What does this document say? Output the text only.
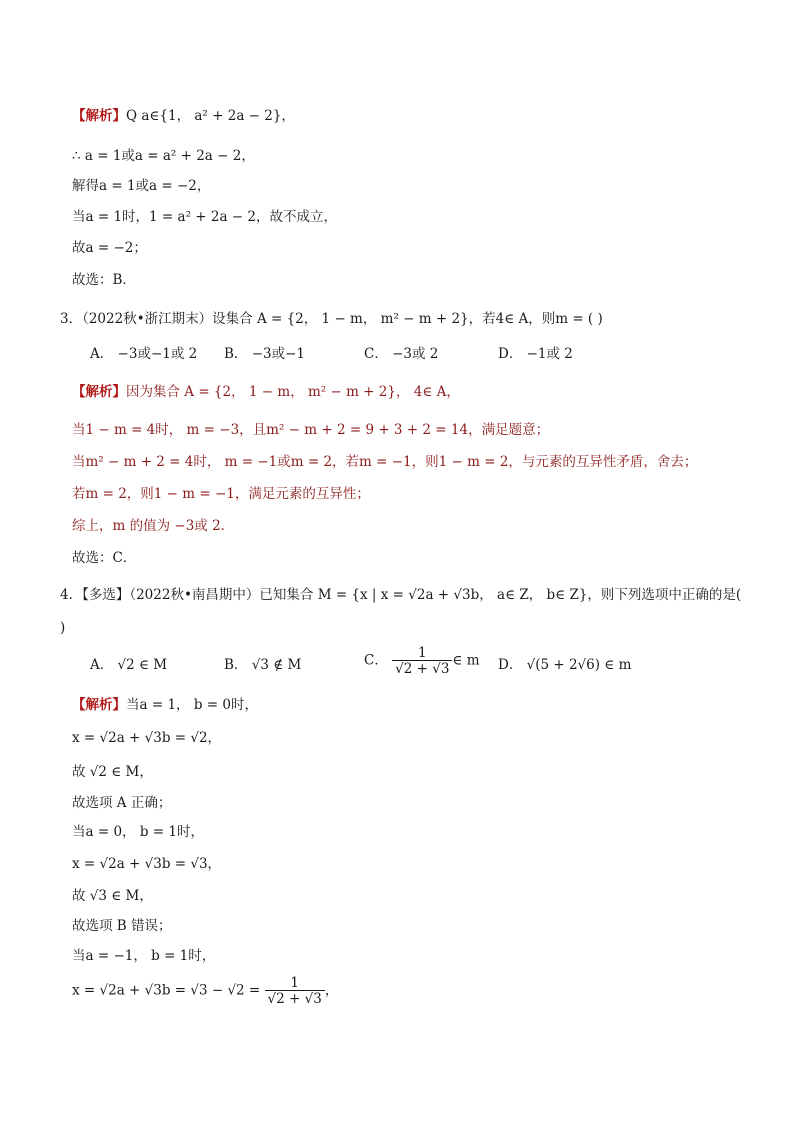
【解析】Q a∈{1， a² + 2a − 2}，
∴ a = 1或a = a² + 2a − 2，
解得a = 1或a = −2，
当a = 1时，1 = a² + 2a − 2，故不成立，
故a = −2；
故选：B．
3．（2022秋•浙江期末）设集合 A = {2， 1 − m， m² − m + 2}，若4∈ A，则m = ( )
A． −3或−1或 2 B． −3或−1	C． −3或 2	D． −1或 2
【解析】因为集合 A = {2， 1 − m， m² − m + 2}， 4∈ A，
当1 − m = 4时， m = −3，且m² − m + 2 = 9 + 3 + 2 = 14，满足题意；
当m² − m + 2 = 4时， m = −1或m = 2，若m = −1，则1 − m = 2，与元素的互异性矛盾，舍去；
若m = 2，则1 − m = −1，满足元素的互异性；
综上，m 的值为 −3或 2．
故选：C．
4．【多选】（2022秋•南昌期中）已知集合 M = {x | x = √2a + √3b， a∈ Z， b∈ Z}，则下列选项中正确的是(
)
A． √2 ∈ M	B． √3 ∉ M	C． $\frac{1}{√2 + √3}$ ∈ m D． √(5 + 2√6) ∈ m
【解析】当a = 1， b = 0时，
x = √2a + √3b = √2，
故 √2 ∈ M，
故选项 A 正确；
当a = 0， b = 1时，
x = √2a + √3b = √3，
故 √3 ∈ M，
故选项 B 错误；
当a = −1， b = 1时，
$x = √2a + √3b = √3 - √2 = \frac{1}{√2 + √3}$ ，
